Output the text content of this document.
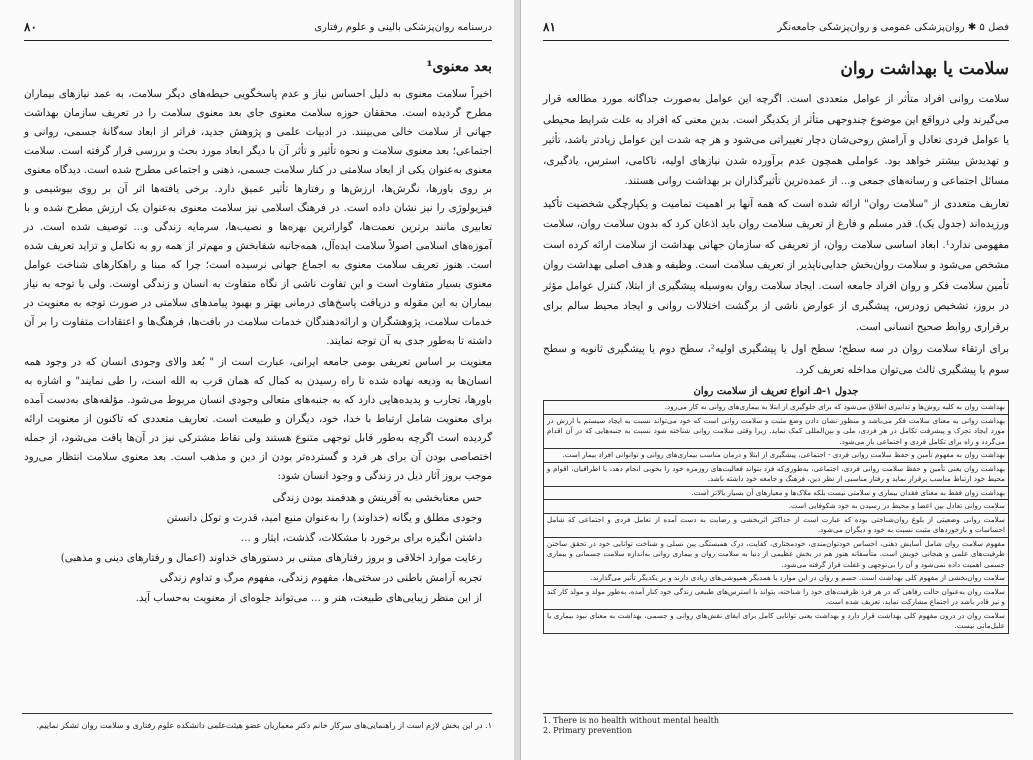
درسنامه روان‌پزشکی بالینی و علوم رفتاری
۸۰
بعد معنوی¹

اخیراً سلامت معنوی به دلیل احساس نیاز و عدم پاسخگویی حیطه‌های دیگر سلامت، به عمد نیازهای بیماران مطرح گردیده است. محققان حوزه سلامت معنوی جای بعد معنوی سلامت را در تعریف سازمان بهداشت جهانی از سلامت خالی می‌بینند. در ادبیات علمی و پژوهش جدید، فراتر از ابعاد سه‌گانهٔ جسمی، روانی و اجتماعی؛ بعد معنوی سلامت و نحوه تأثیر و تأثر آن با دیگر ابعاد مورد بحث و بررسی قرار گرفته است. سلامت معنوی به‌عنوان یکی از ابعاد سلامتی در کنار سلامت جسمی، ذهنی و اجتماعی مطرح شده است. دیدگاه معنوی بر روی باورها، نگرش‌ها، ارزش‌ها و رفتارها تأثیر عمیق دارد. برخی یافته‌ها اثر آن بر روی بیوشیمی و فیزیولوژی را نیز نشان داده است. در فرهنگ اسلامی نیز سلامت معنوی به‌عنوان یک ارزش مطرح شده و با تعابیری مانند برترین نعمت‌ها، گواراترین بهره‌ها و نصیب‌ها، سرمایه زندگی و... توصیف شده است. در آموزه‌های اسلامی اصولاً سلامت ایده‌آل، همه‌جانبه شفابخش و مهم‌تر از همه رو به تکامل و تزاید تعریف شده است. هنوز تعریف سلامت معنوی به اجماع جهانی نرسیده است؛ چرا که مبنا و راهکارهای شناخت عوامل معنوی بسیار متفاوت است و این تفاوت ناشی از نگاه متفاوت به انسان و زندگی اوست. ولی با توجه به نیاز بیماران به این مقوله و دریافت پاسخ‌های درمانی بهتر و بهبود پیامدهای سلامتی در صورت توجه به معنویت در خدمات سلامت، پژوهشگران و ارائه‌دهندگان خدمات سلامت در بافت‌ها، فرهنگ‌ها و اعتقادات متفاوت را بر آن داشته تا به‌طور جدی به آن توجه نمایند.

معنویت بر اساس تعریفی بومی جامعه ایرانی، عبارت است از " بُعد والای وجودی انسان که در وجود همه انسان‌ها به ودیعه نهاده شده تا راه رسیدن به کمال که همان قرب به الله است، را طی نمایند" و اشاره به باورها، تجارب و پدیده‌هایی دارد که به جنبه‌های متعالی وجودی انسان مربوط می‌شود. مؤلفه‌های به‌دست آمده برای معنویت شامل ارتباط با خدا، خود، دیگران و طبیعت است. تعاریف متعددی که تاکنون از معنویت ارائه گردیده است اگرچه به‌طور قابل توجهی متنوع هستند ولی نقاط مشترکی نیز در آن‌ها یافت می‌شود، از جمله اختصاصی بودن آن برای هر فرد و گسترده‌تر بودن از دین و مذهب است. بعد معنوی سلامت انتظار می‌رود موجب بروز آثار ذیل در زندگی و وجود انسان شود:

حس معنابخشی به آفرینش و هدفمند بودن زندگی
وجودی مطلق و یگانه (خداوند) را به‌عنوان منبع امید، قدرت و توکل دانستن
داشتن انگیزه برای برخورد با مشکلات، گذشت، ایثار و ...
رعایت موارد اخلاقی و بروز رفتارهای مبتنی بر دستورهای خداوند (اعمال و رفتارهای دینی و مذهبی)
تجربه آرامش باطنی در سختی‌ها، مفهوم زندگی، مفهوم مرگ و تداوم زندگی
از این منظر زیبایی‌های طبیعت، هنر و ... می‌تواند جلوه‌ای از معنویت به‌حساب آید.
۱. در این بخش لازم است از راهنمایی‌های سرکار خانم دکتر معماریان عضو هیئت‌علمی دانشکده علوم رفتاری و سلامت روان تشکر نماییم.
فصل ۵ ✱ روان‌پزشکی عمومی و روان‌پزشکی جامعه‌نگر
۸۱
سلامت یا بهداشت روان

سلامت روانی افراد متأثر از عوامل متعددی است. اگرچه این عوامل به‌صورت جداگانه مورد مطالعه قرار می‌گیرند ولی درواقع این موضوع چندوجهی متأثر از یکدیگر است. بدین معنی که افراد به علت شرایط محیطی یا عوامل فردی تعادل و آرامش روحی‌شان دچار تغییراتی می‌شود و هر چه شدت این عوامل زیادتر باشد، تأثیر و تهدیدش بیشتر خواهد بود. عواملی همچون عدم برآورده شدن نیازهای اولیه، ناکامی، استرس، یادگیری، مسائل اجتماعی و رسانه‌های جمعی و... از عمده‌ترین تأثیرگذاران بر بهداشت روانی هستند.

تعاریف متعددی از "سلامت روان" ارائه شده است که همه آنها بر اهمیت تمامیت و یکپارچگی شخصیت تأکید ورزیده‌اند (جدول یک). قدر مسلم و فارغ از تعریف سلامت روان باید اذعان کرد که بدون سلامت روان، سلامت مفهومی ندارد¹. ابعاد اساسی سلامت روان، از تعریفی که سازمان جهانی بهداشت از سلامت ارائه کرده است مشخص می‌شود و سلامت روان‌بخش جدایی‌ناپذیر از تعریف سلامت است. وظیفه و هدف اصلی بهداشت روان تأمین سلامت فکر و روان افراد جامعه است. ایجاد سلامت روان به‌وسیله پیشگیری از ابتلا، کنترل عوامل مؤثر در بروز، تشخیص زودرس، پیشگیری از عوارض ناشی از برگشت اختلالات روانی و ایجاد محیط سالم برای برقراری روابط صحیح انسانی است.

برای ارتقاء سلامت روان در سه سطح؛ سطح اول یا پیشگیری اولیه²، سطح دوم یا پیشگیری ثانویه و سطح سوم یا پیشگیری ثالث می‌توان مداخله تعریف کرد.

جدول ۱-۵ـ انواع تعریف از سلامت روان
بهداشت روان به کلیه روش‌ها و تدابیری اطلاق می‌شود که برای جلوگیری از ابتلا به بیماری‌های روانی به کار می‌رود.
بهداشت روانی به معنای سلامت فکر می‌باشد و منظور نشان دادن وضع مثبت و سلامت روانی است که خود می‌تواند نسبت به ایجاد سیستم با ارزش در مورد ایجاد تحرک و پیشرفت تکامل در هر فردی، ملی و بین‌المللی کمک نماید. زیرا وقتی سلامت روانی شناخته شود نسبت به جنبه‌هایی که در آن اقدام می‌گردد و راه برای تکامل فردی و اجتماعی باز می‌شود.
بهداشت روان به مفهوم تأمین و حفظ سلامت روانی فردی - اجتماعی، پیشگیری از ابتلا و درمان مناسب بیماری‌های روانی و توانوانی افراد بیمار است.
بهداشت روان یعنی تأمین و حفظ سلامت روانی فردی، اجتماعی، به‌طوری‌که فرد بتواند فعالیت‌های روزمره خود را بخوبی انجام دهد، با اطرافیان، اقوام و محیط خود ارتباط مناسب برقرار نماید و رفتار مناسبی از نظر دین، فرهنگ و جامعه خود داشته باشد.
بهداشت روان فقط به معنای فقدان بیماری و سلامتی نیست بلکه ملاک‌ها و معیارهای آن بسیار بالاتر است.
سلامت روانی تعادل بین اعضا و محیط در رسیدن به خود شکوفایی است.
سلامت روانی وضعیتی از بلوغ روان‌شناختی بوده که عبارت است از حداکثر اثربخشی و رضایت به دست آمده از تعامل فردی و اجتماعی که شامل احساسات و بازخوردهای مثبت نسبت به خود و دیگران می‌شود.
مفهوم سلامت روان شامل آسایش ذهنی، احساس خودتوان‌مندی، خودمختاری، کفایت، درک همبستگی بین نسلی و شناخت توانایی خود در تحقق ساختن ظرفیت‌های علمی و هیجانی خویش است. متأسفانه هنوز هم در بخش عظیمی از دنیا به سلامت روان و بیماری روانی به‌اندازه سلامت جسمانی و بیماری جسمی اهمیت داده نمی‌شود و آن را بی‌توجهی و غفلت قرار گرفته می‌شود.
سلامت روان‌بخشی از مفهوم کلی بهداشت است. جسم و روان در این موارد با همدیگر همپوشی‌های زیادی دارند و بر یکدیگر تأثیر می‌گذارند.
سلامت روان به‌عنوان حالت رفاهی که در هر فرد ظرفیت‌های خود را شناخته، بتواند با استرس‌های طبیعی زندگی خود کنار آمده، به‌طور مولد و مولد کار کند و نیز قادر باشد در اجتماع مشارکت نماید، تعریف شده است.
سلامت روان در درون مفهوم کلی بهداشت قرار دارد و بهداشت یعنی توانایی کامل برای ایفای نقش‌های روانی و جسمی، بهداشت به معنای نبود بیماری یا علیل‌مانی نیست.
1. There is no health without mental health
2. Primary prevention
